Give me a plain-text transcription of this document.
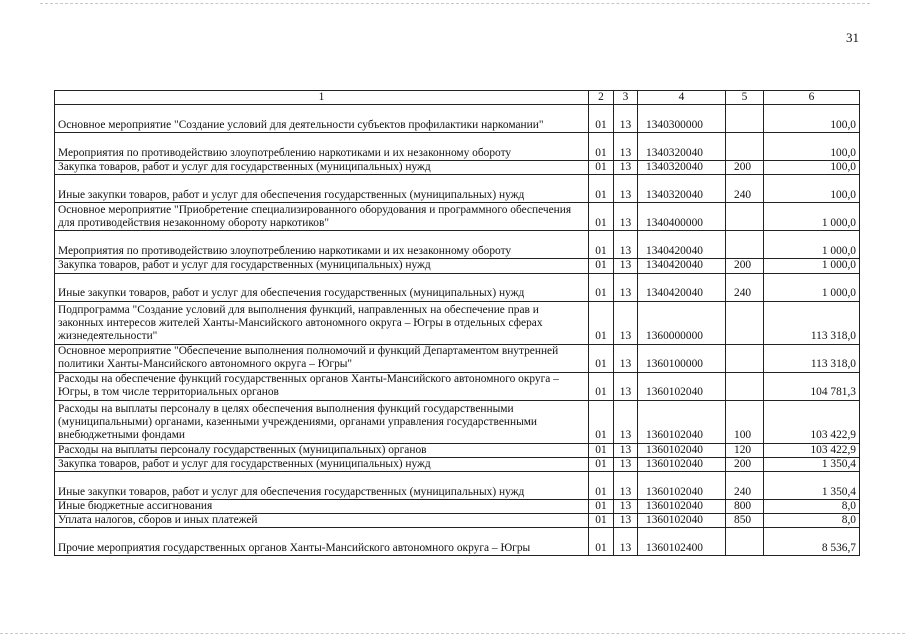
31
1	2	3	4	5	6
Основное мероприятие "Создание условий для деятельности субъектов профилактики наркомании"	01	13	1340300000		100,0
Мероприятия по противодействию злоупотреблению наркотиками и их незаконному обороту	01	13	1340320040		100,0
Закупка товаров, работ и услуг для государственных (муниципальных) нужд	01	13	1340320040	200	100,0
Иные закупки товаров, работ и услуг для обеспечения государственных (муниципальных) нужд	01	13	1340320040	240	100,0
Основное мероприятие "Приобретение специализированного оборудования и программного обеспечения для противодействия незаконному обороту наркотиков"	01	13	1340400000		1 000,0
Мероприятия по противодействию злоупотреблению наркотиками и их незаконному обороту	01	13	1340420040		1 000,0
Закупка товаров, работ и услуг для государственных (муниципальных) нужд	01	13	1340420040	200	1 000,0
Иные закупки товаров, работ и услуг для обеспечения государственных (муниципальных) нужд	01	13	1340420040	240	1 000,0
Подпрограмма "Создание условий для выполнения функций, направленных на обеспечение прав и законных интересов жителей Ханты-Мансийского автономного округа – Югры в отдельных сферах жизнедеятельности"	01	13	1360000000		113 318,0
Основное мероприятие "Обеспечение выполнения полномочий и функций Департаментом внутренней политики Ханты-Мансийского автономного округа – Югры"	01	13	1360100000		113 318,0
Расходы на обеспечение функций государственных органов Ханты-Мансийского автономного округа – Югры, в том числе территориальных органов	01	13	1360102040		104 781,3
Расходы на выплаты персоналу в целях обеспечения выполнения функций государственными (муниципальными) органами, казенными учреждениями, органами управления государственными внебюджетными фондами	01	13	1360102040	100	103 422,9
Расходы на выплаты персоналу государственных (муниципальных) органов	01	13	1360102040	120	103 422,9
Закупка товаров, работ и услуг для государственных (муниципальных) нужд	01	13	1360102040	200	1 350,4
Иные закупки товаров, работ и услуг для обеспечения государственных (муниципальных) нужд	01	13	1360102040	240	1 350,4
Иные бюджетные ассигнования	01	13	1360102040	800	8,0
Уплата налогов, сборов и иных платежей	01	13	1360102040	850	8,0
Прочие мероприятия государственных органов Ханты-Мансийского автономного округа – Югры	01	13	1360102400		8 536,7
